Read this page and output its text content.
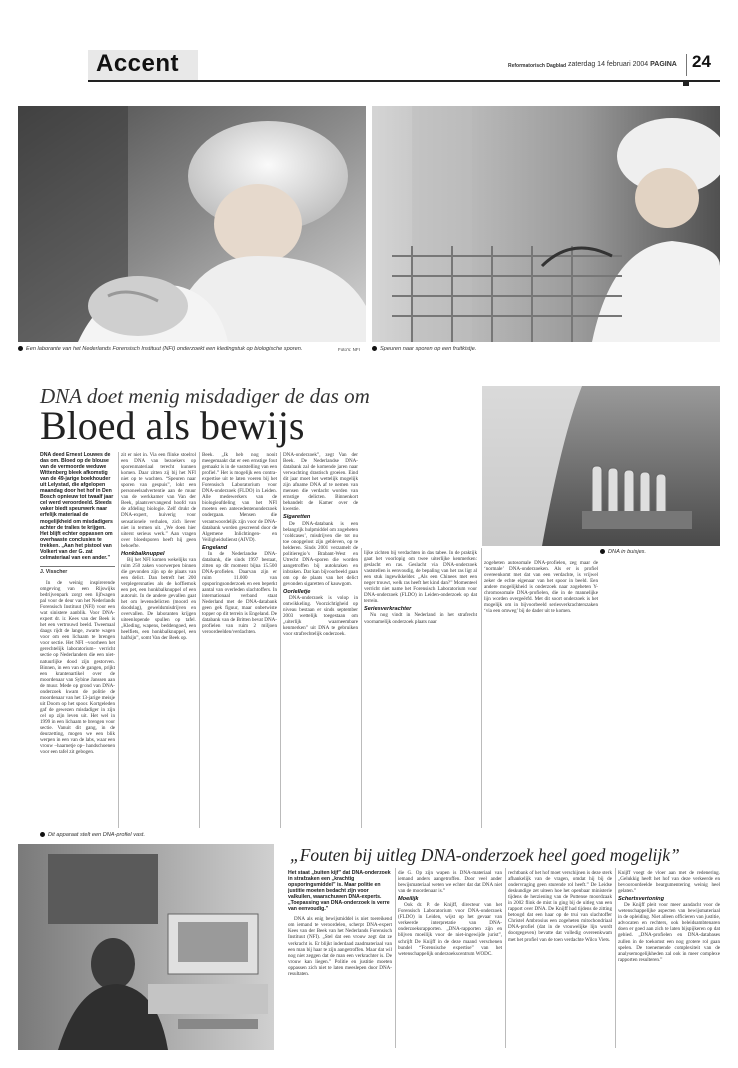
Accent	Reformatorisch Dagblad zaterdag 14 februari 2004 PAGINA 24
Een laborante van het Nederlands Forensisch Instituut (NFI) onderzoekt een kledingstuk op biologische sporen.	Foto's: NFI	Speuren naar sporen op een fruitkistje.
DNA doet menig misdadiger de das om
Bloed als bewijs
DNA in buisjes.

DNA deed Ernest Louwes de das om. Bloed op de blouse van de vermoorde weduwe Wittenberg bleek afkomstig van de 49-jarige boekhouder uit Lelystad, die afgelopen maandag door het hof in Den Bosch opnieuw tot twaalf jaar cel werd veroordeeld. Steeds vaker biedt speurwerk naar erfelijk materiaal de mogelijkheid om misdadigers achter de tralies te krijgen. Het blijft echter oppassen om overhaaste conclusies te trekken. „Aan het pistool van Volkert van der G. zat celmateriaal van een ander.”

J. Visscher

In de weinig inspirerende omgeving van een Rijswijks bedrijvenpark zorgt een lijfwagen pal voor de deur van het Nederlands Forensisch Instituut (NFI) voor een wat sinistere aanblik. Voor DNA-expert dr. ir. Kees van der Beek is het een vertrouwd beeld. Tweemaal daags rijdt de lange, zwarte wagen voor om een lichaam te brengen voor sectie. Het NFI –voorheen het gerechtelijk laboratorium– verricht sectie op Nederlanders die een niet-natuurlijke dood zijn gestorven. Binnen, in een van de gangen, prijkt een krantenartikel over de moordenaar van Sybine Janssen aan de muur. Mede op grond van DNA-onderzoek kwam de politie de moordenaar van het 13-jarige meisje uit Doorn op het spoor. Kortgeleden gaf de gewezen misdadiger in zijn cel op zijn leven uit. Het wel in 1999 in een lichaam te brengen voor sectie. Vanuit dit gang, in de deurzetting, mogen we een blik werpen in een van de labs, waar een vrouw –haarnetje op– handschoenen voor een tafel zit gebogen.

zit er niet in. Via een flinke stoelrol een DNA van bezoekers op sporenmateriaal terecht kunnen komen. Daar zitten zij bij het NFI niet op te wachten. “Speuren naar sporen van gespuis”, lokt een personeelsadvertentie aan de muur van de werkkamer van Van der Beek, plaatsvervangend hoofd van de afdeling biologie. Zelf drukt de DNA-expert, huiverig voor sensationele verhalen, zich liever niet in termen uit. „We doen hier uiterst serieus werk.” Aan vragen over bloedsporen heeft hij geen behoefte.

Honkbalknuppel

Bij het NFI komen wekelijks van ruim 250 zaken voorwerpen binnen die gevonden zijn op de plaats van een delict. Dan betreft het 200 verplegersnaties als de koffiemok een pet, een honkbalknuppel of een autoruit. In de andere gevallen gaat het om levensdelicten (moord en doodslag), geweldsmisdrijven en overvallen. De laboranten krijgen uiteenlopende spullen op tafel. „Kleding, wapens, beddengoed, een heelfiets, een honkbalknuppel, een halfsijn”, somt Van der Beek op.

Beek. „Ik heb nog nooit meegemaakt dat er een ernstige fout gemaakt is in de vaststelling van een profiel.” Het is mogelijk een contra-expertise uit te laten voeren bij het Forensisch Laboratorium voor DNA-onderzoek (FLDO) in Leiden. Alle medewerkers van de biologieafdeling van het NFI moeten een antecedentenonderzoek ondergaan. Mensen die verantwoordelijk zijn voor de DNA-databank worden gescreend door de Algemene Inlichtingen- en Veiligheidsdienst (AIVD).

Engeland

In de Nederlandse DNA-databank, die sinds 1997 bestaat, zitten op dit moment bijna 15.500 DNA-profielen. Daarvan zijn er ruim 11.000 van opsporingsonderzoek en een beperkt aantal van overleden slachtoffers. In internationaal verband staat Nederland met de DNA-databank geen gek figuur, maar onbetwiste topper op dit terrein is Engeland. De databank van de Britten bevat DNA-profielen van ruim 2 miljoen veroordeelden/verdachten.

DNA-onderzoek”, zegt Van der Beek. De Nederlandse DNA-databank zal de komende jaren naar verwachting drastisch groeien. Eind dit jaar moet het wettelijk mogelijk zijn afname DNA af te nemen van mensen die verdacht worden van ernstige delicten. Binnenkort behandelt de Kamer over de kwestie.

Sigaretten

De DNA-databank is een belangrijk hulpmiddel om zogeheten ‘coldcases’, misdrijven die tot nu toe onopgelost zijn gebleven, op te helderen. Sinds 2001 verzamelt de politieregio’s Brabant-West en Utrecht DNA-sporen die worden aangetroffen bij autokraken en inbraken. Dat kan bijvoorbeeld gaan om op de plaats van het delict gevonden sigaretten of kauwgom.

Oorlelletje

DNA-onderzoek is volop in ontwikkeling. Voorzichtigheid op niveau bestaan er sinds september 2003 wettelijk toegestaan om „uiterlijk waarneembare kenmerken” uit DNA te gebruiken voor strafrechtelijk onderzoek.

lijke zichten bij verdachten in das tabee. In de praktijk gaat het voorlopig om twee uiterlijke kenmerken: geslacht en ras. Geslacht via DNA-onderzoek vaststellen is eenvoudig, de bepaling van het ras ligt al een stuk ingewikkelder. „Als een Chinees met een neger trouwt, welk ras heeft het kind dan?” Momenteel verricht niet name het Forensisch Laboratorium voor DNA-onderzoek (FLDO) in Leiden-onderzoek op dat terrein.

Seriesverkrachter

Nu nog vindt in Nederland in het strafrecht voornamelijk onderzoek plaats naar

zogeheten autosomale DNA-profielen, zeg maar de ‘normale’ DNA-onderzoeken. Als er is profiel overeenkomt met dat van een verdachte, is vrijwel zeker de echte eigenaar van het spoor in beeld. Een andere mogelijkheid is onderzoek naar zogeheten Y-chromosomale DNA-profielen, die in de mannelijke lijn worden overgeërfd. Met dit soort onderzoek is het mogelijk om in bijvoorbeeld seriesverkrachterszaken ‘via een omweg’ bij de dader uit te komen.

Dit apparaat stelt een DNA-profiel vast.
„Fouten bij uitleg DNA-onderzoek heel goed mogelijk”

Het staat „buiten kijf” dat DNA-onderzoek in strafzaken een „krachtig opsporingsmiddel” is. Maar politie en justitie moeten bedacht zijn voor valkuilen, waarschuwen DNA-experts. „Toepassing van DNA-onderzoek is verre van eenvoudig.”

DNA als enig bewijsmiddel is niet toereikend om iemand te veroordelen, scherpt DNA-expert Kees van der Beek van het Nederlands Forensisch Instituut (NFI). „Stel dat een vrouw zegt dat ze verkracht is. Er blijkt inderdaad zaadmateriaal van een man bij haar te zijn aangetroffen. Maar dat wil nog niet zeggen dat de man een verkrachter is. De vrouw kan liegen.” Politie en justitie moeten oppassen zich niet te laten meeslepen door DNA-resultaten.

die G. Op zijn wapen is DNA-materiaal van iemand anders aangetroffen. Door veel ander bewijsmateriaal weten we echter dat dat DNA niet van de moordenaar is.”

Moeilijk

Ook dr. P. de Knijff, directeur van het Forensisch Laboratorium voor DNA-onderzoek (FLDO) in Leiden, wijst op het gevaar van verkeerde interpretatie van DNA-onderzoeksrapporten. „DNA-rapporten zijn en blijven moeilijk voor de niet-ingewijde jurist”, schrijft De Knijff in de deze maand verschenen bundel “Forensische expertise” van het wetenschappelijk onderzoekscentrum WODC.

rechtbank of het hof moet verschijnen is deze sterk afhankelijk van de vragen, omdat hij bij de ondervraging geen sturende rol heeft.” De Leidse deskundige zet uiteen hoe het openbaar ministerie tijdens de herziening van de Puttense moordzaak in 2002 flink de mist in ging bij de uitleg van een rapport over DNA. De Knijff had tijdens de zitting betoogd dat een haar op de trui van slachtoffer Christel Ambrosius een zogeheten mitochondriaal DNA-profiel (dat in de vrouwelijke lijn wordt doorgegeven) bevatte dat volledig overeenkwam met het profiel van de toen verdachte Wilco Viets.

Knijff voegt de vloer aan met de redenering. „Gelukkig heeft het hof van deze verkeerde en bevooroordeelde beargumentering weinig heel gelaten.”

Schertsvertoning

De Knijff pleit voor meer aandacht voor de wetenschappelijke aspecten van bewijsmateriaal in de opleiding. Niet alleen officieren van justitie, advocaten en rechters, ook beleidsambtenaren doen er goed aan zich te laten bijspijkeren op dat gebied. „DNA-profielen en DNA-databases zullen in de toekomst een nog grotere rol gaan spelen. De toenemende complexiteit van de analysemogelijkheden zal ook in meer complexe rapporten resulteren.”
